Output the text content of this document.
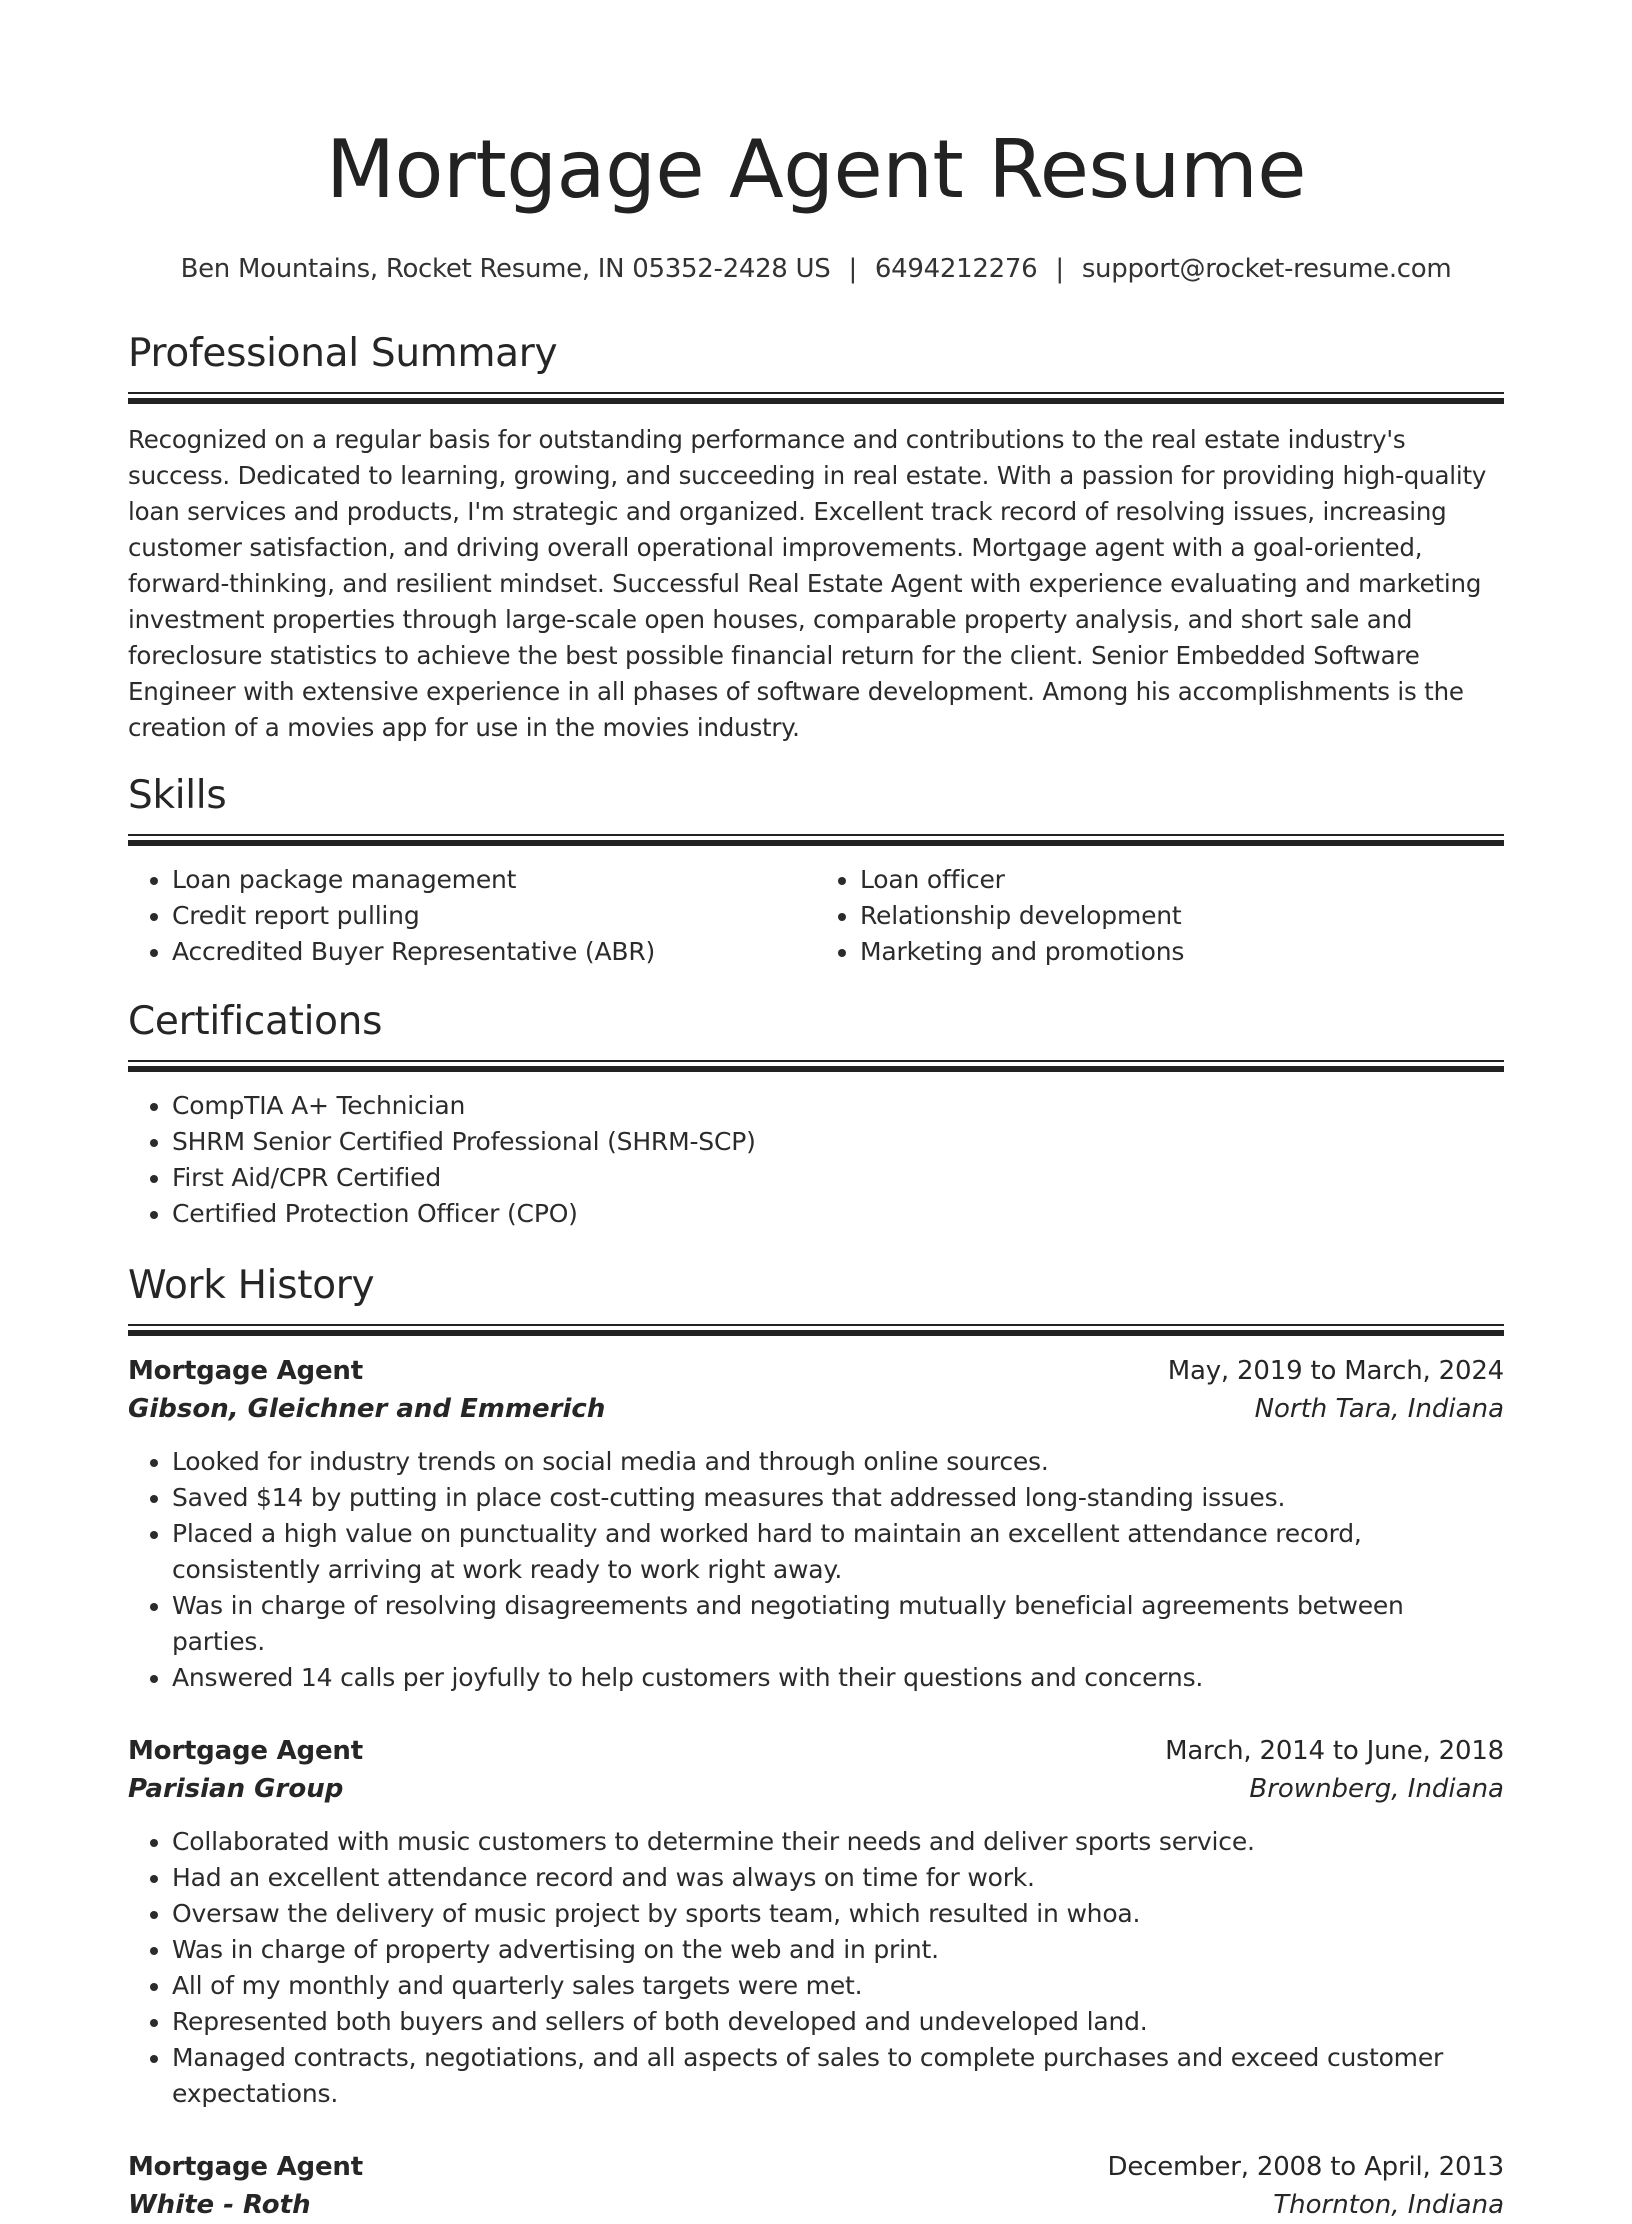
Mortgage Agent Resume
Ben Mountains, Rocket Resume, IN 05352-2428 US | 6494212276 | support@rocket-resume.com
Professional Summary

Recognized on a regular basis for outstanding performance and contributions to the real estate industry's success. Dedicated to learning, growing, and succeeding in real estate. With a passion for providing high-quality loan services and products, I'm strategic and organized. Excellent track record of resolving issues, increasing customer satisfaction, and driving overall operational improvements. Mortgage agent with a goal-oriented, forward-thinking, and resilient mindset. Successful Real Estate Agent with experience evaluating and marketing investment properties through large-scale open houses, comparable property analysis, and short sale and foreclosure statistics to achieve the best possible financial return for the client. Senior Embedded Software Engineer with extensive experience in all phases of software development. Among his accomplishments is the creation of a movies app for use in the movies industry.

Skills
• Loan package management
• Credit report pulling
• Accredited Buyer Representative (ABR)
• Loan officer
• Relationship development
• Marketing and promotions
Certifications
• CompTIA A+ Technician
• SHRM Senior Certified Professional (SHRM-SCP)
• First Aid/CPR Certified
• Certified Protection Officer (CPO)
Work History
Mortgage Agent	May, 2019 to March, 2024
Gibson, Gleichner and Emmerich	North Tara, Indiana
• Looked for industry trends on social media and through online sources.
• Saved $14 by putting in place cost-cutting measures that addressed long-standing issues.
• Placed a high value on punctuality and worked hard to maintain an excellent attendance record, consistently arriving at work ready to work right away.
• Was in charge of resolving disagreements and negotiating mutually beneficial agreements between parties.
• Answered 14 calls per joyfully to help customers with their questions and concerns.
Mortgage Agent	March, 2014 to June, 2018
Parisian Group	Brownberg, Indiana
• Collaborated with music customers to determine their needs and deliver sports service.
• Had an excellent attendance record and was always on time for work.
• Oversaw the delivery of music project by sports team, which resulted in whoa.
• Was in charge of property advertising on the web and in print.
• All of my monthly and quarterly sales targets were met.
• Represented both buyers and sellers of both developed and undeveloped land.
• Managed contracts, negotiations, and all aspects of sales to complete purchases and exceed customer expectations.
Mortgage Agent	December, 2008 to April, 2013
White - Roth	Thornton, Indiana
